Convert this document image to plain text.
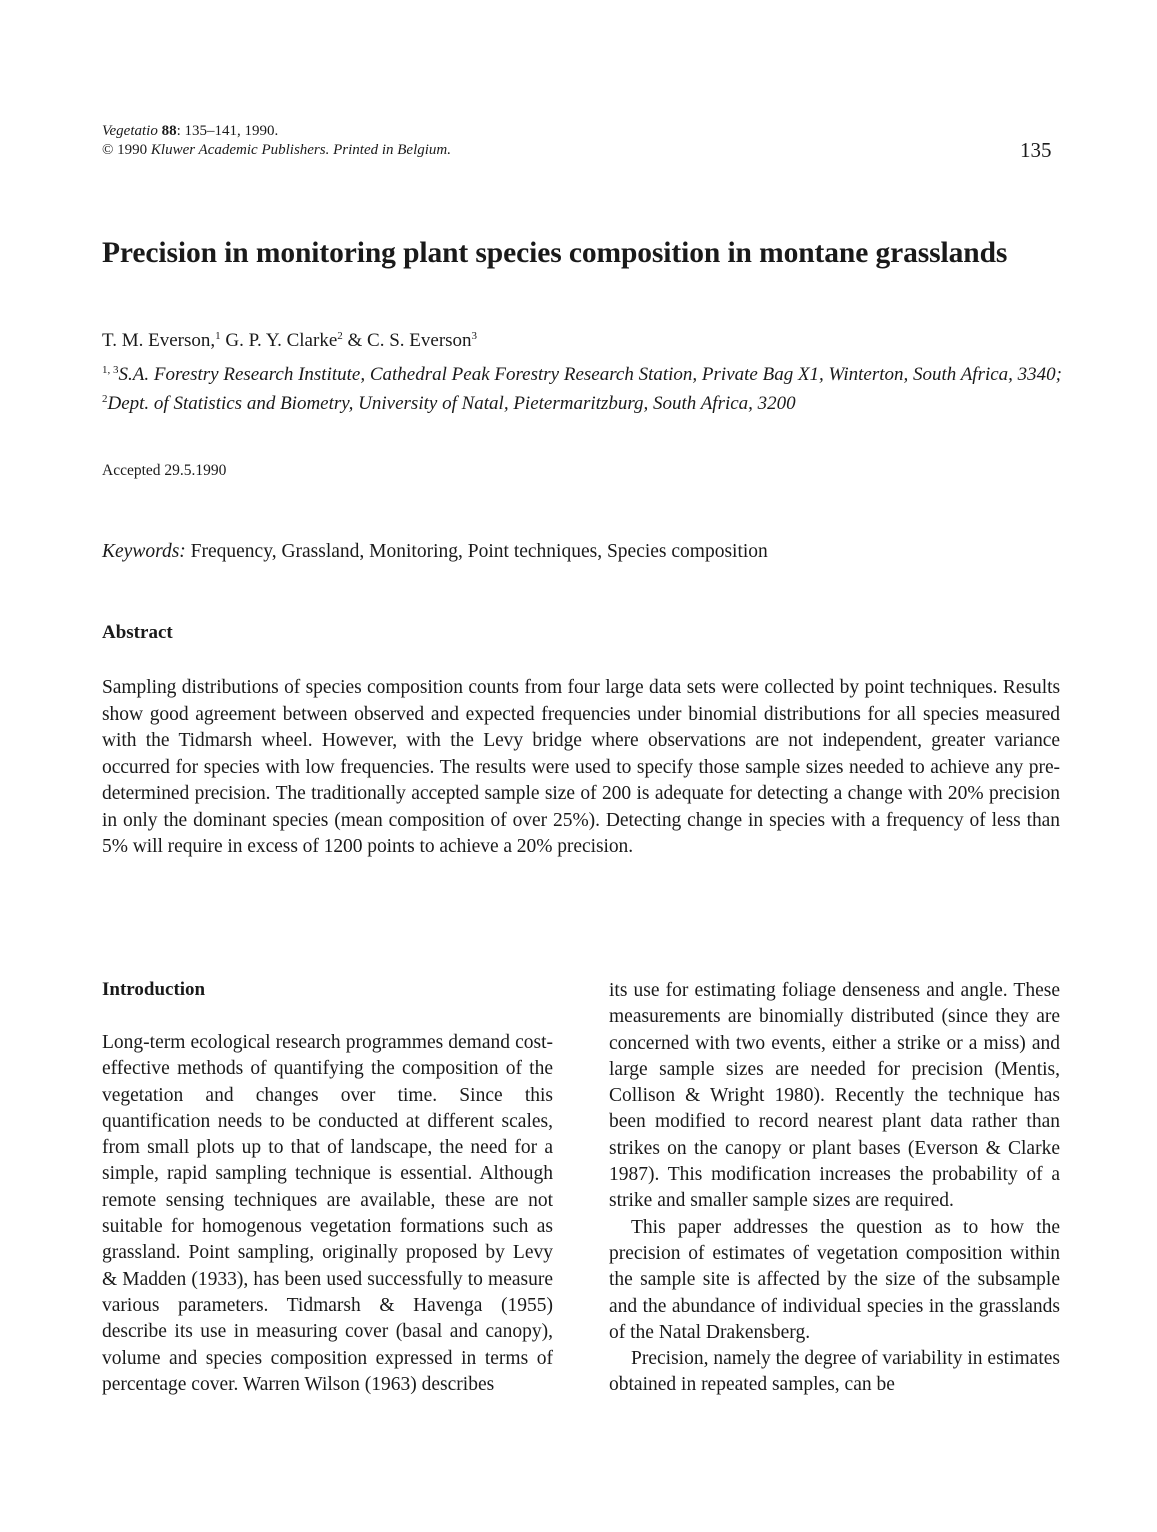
Vegetatio 88: 135–141, 1990.
© 1990 Kluwer Academic Publishers. Printed in Belgium.	135
Precision in monitoring plant species composition in montane grasslands
T. M. Everson,$^1$ G. P. Y. Clarke$^2$ & C. S. Everson$^3$
$^{1, 3}$S.A. Forestry Research Institute, Cathedral Peak Forestry Research Station, Private Bag X1, Winterton, South Africa, 3340; $^2$Dept. of Statistics and Biometry, University of Natal, Pietermaritzburg, South Africa, 3200
Accepted 29.5.1990
Keywords: Frequency, Grassland, Monitoring, Point techniques, Species composition
Abstract
Sampling distributions of species composition counts from four large data sets were collected by point techniques. Results show good agreement between observed and expected frequencies under binomial distributions for all species measured with the Tidmarsh wheel. However, with the Levy bridge where observations are not independent, greater variance occurred for species with low frequencies. The results were used to specify those sample sizes needed to achieve any pre-determined precision. The traditionally accepted sample size of 200 is adequate for detecting a change with 20% precision in only the dominant species (mean composition of over 25%). Detecting change in species with a frequency of less than 5% will require in excess of 1200 points to achieve a 20% precision.
Introduction

Long-term ecological research programmes demand cost-effective methods of quantifying the composition of the vegetation and changes over time. Since this quantification needs to be conducted at different scales, from small plots up to that of landscape, the need for a simple, rapid sampling technique is essential. Although remote sensing techniques are available, these are not suitable for homogenous vegetation formations such as grassland. Point sampling, originally proposed by Levy & Madden (1933), has been used successfully to measure various parameters. Tidmarsh & Havenga (1955) describe its use in measuring cover (basal and canopy), volume and species composition expressed in terms of percentage cover. Warren Wilson (1963) describes

its use for estimating foliage denseness and angle. These measurements are binomially distributed (since they are concerned with two events, either a strike or a miss) and large sample sizes are needed for precision (Mentis, Collison & Wright 1980). Recently the technique has been modified to record nearest plant data rather than strikes on the canopy or plant bases (Everson & Clarke 1987). This modification increases the probability of a strike and smaller sample sizes are required.

This paper addresses the question as to how the precision of estimates of vegetation composition within the sample site is affected by the size of the subsample and the abundance of individual species in the grasslands of the Natal Drakensberg.

Precision, namely the degree of variability in estimates obtained in repeated samples, can be
